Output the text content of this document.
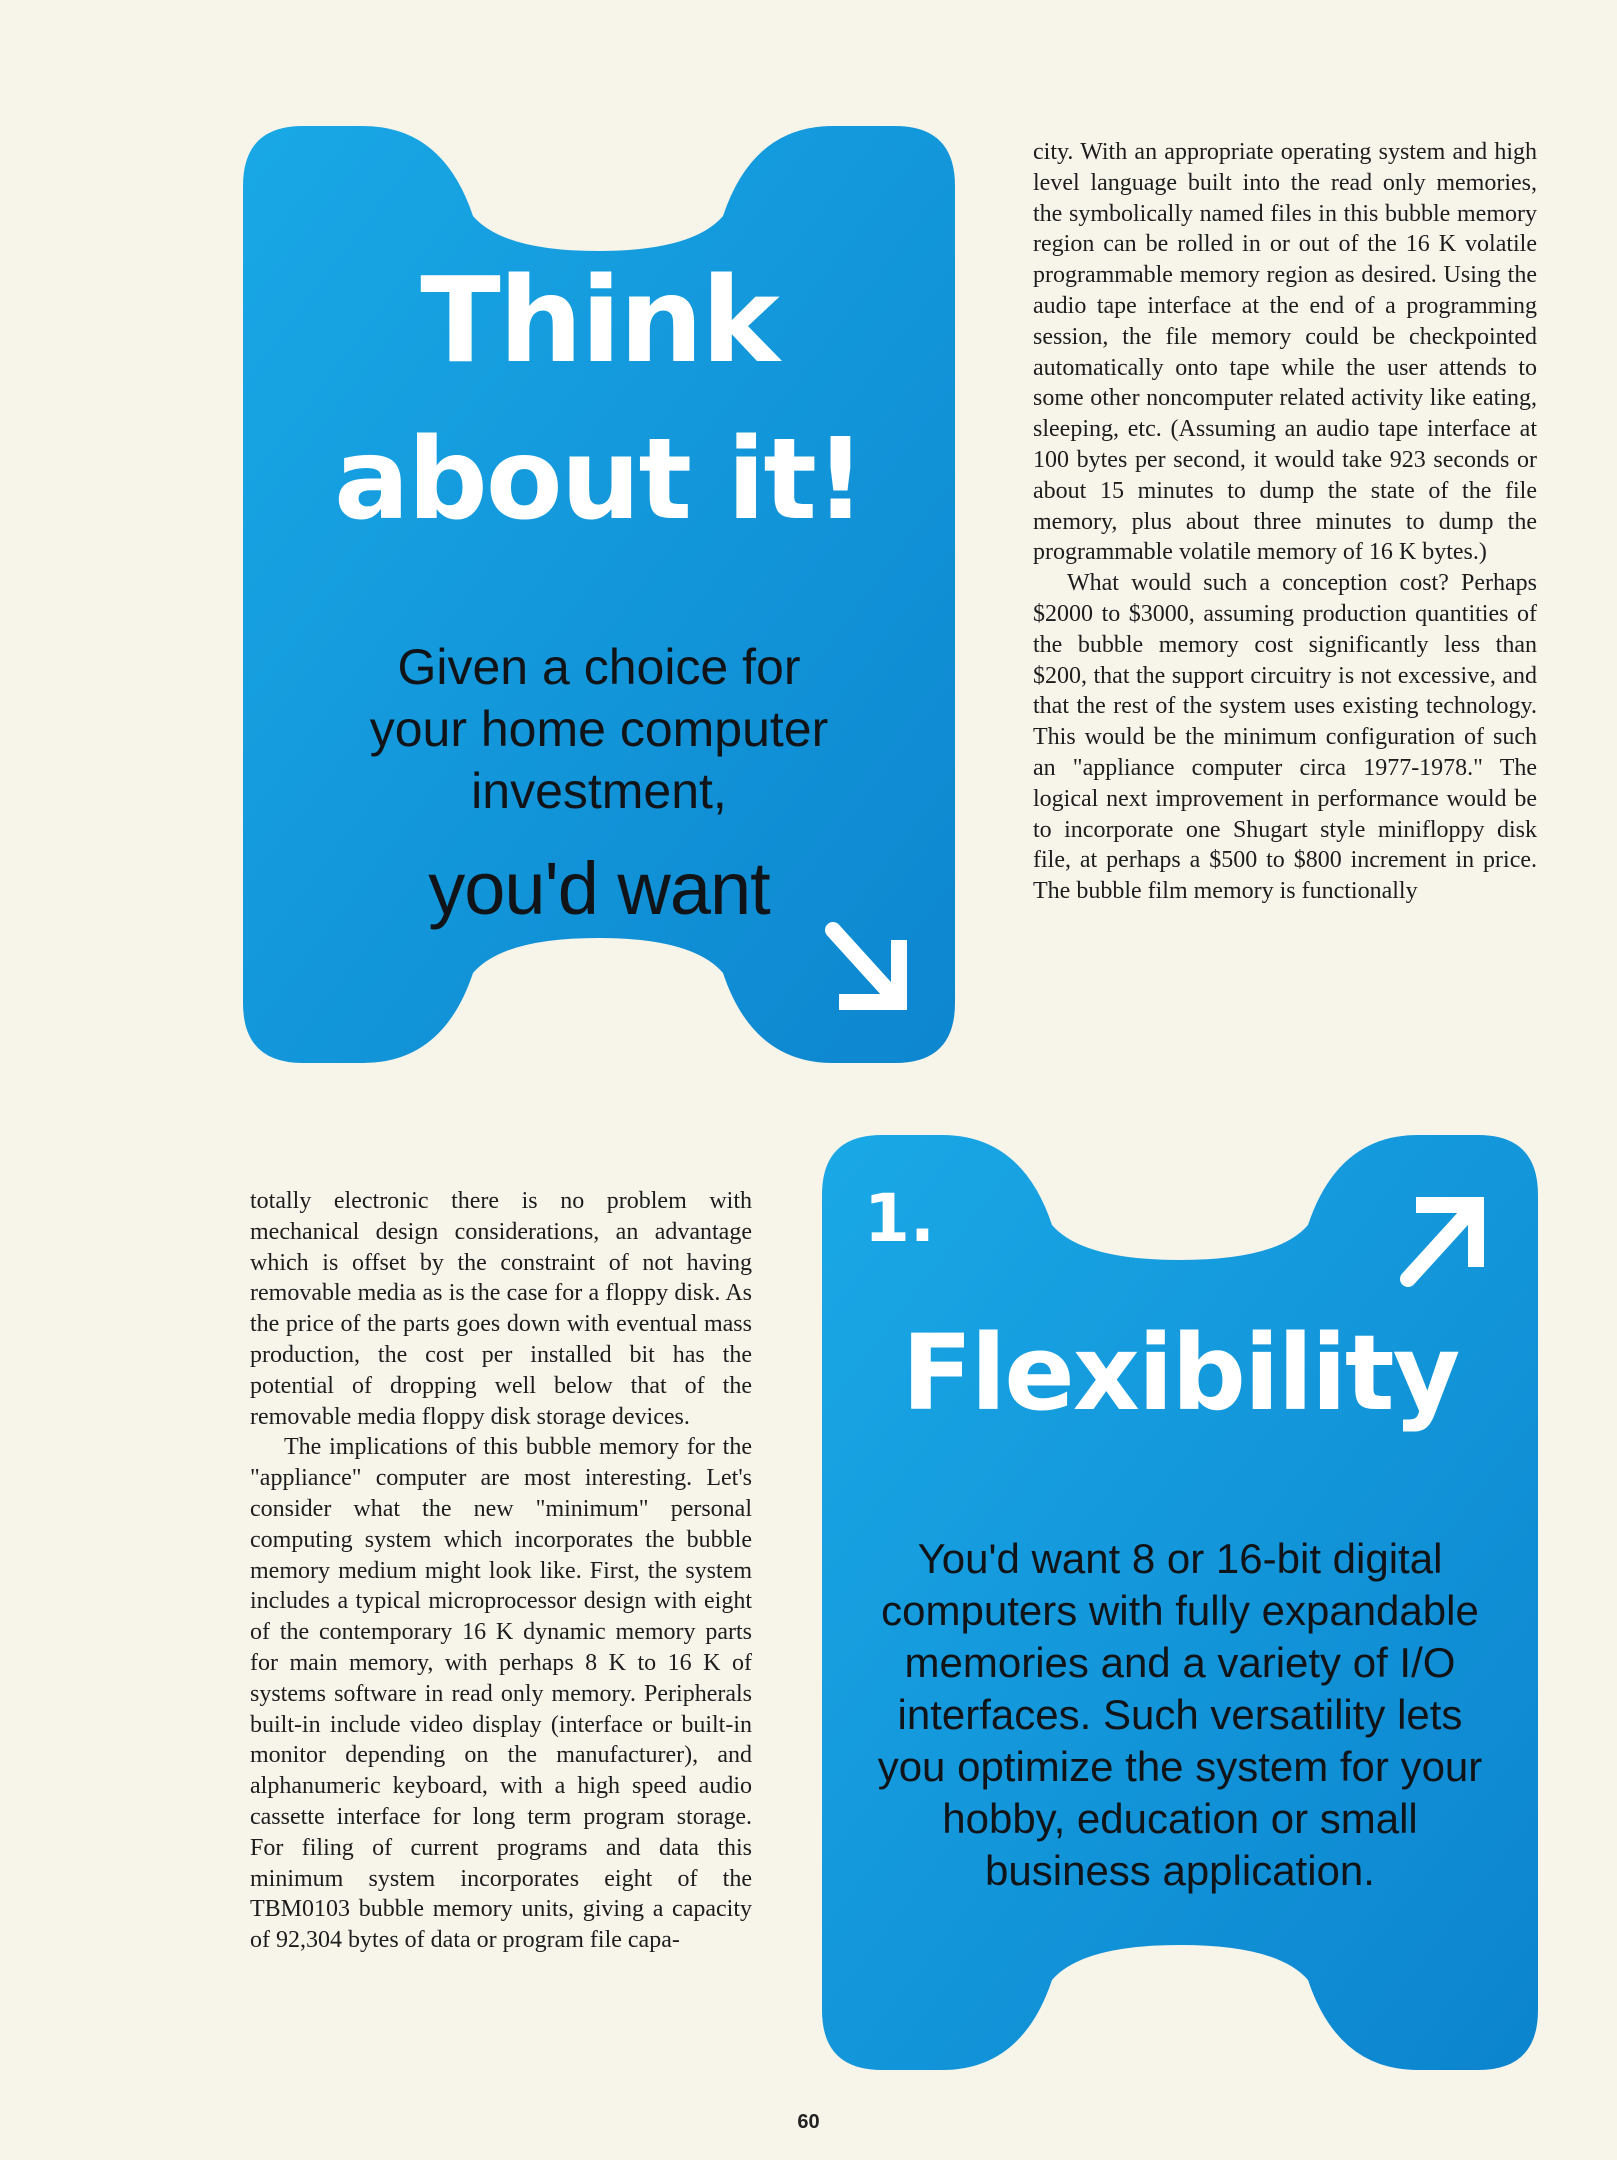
Think
about it!
Given a choice for
your home computer
investment,
you'd want

city. With an appropriate operating system and high level language built into the read only memories, the symbolically named files in this bubble memory region can be rolled in or out of the 16 K volatile programmable memory region as desired. Using the audio tape interface at the end of a programming session, the file memory could be checkpointed automatically onto tape while the user attends to some other noncomputer related activity like eating, sleeping, etc. (Assuming an audio tape interface at 100 bytes per second, it would take 923 seconds or about 15 minutes to dump the state of the file memory, plus about three minutes to dump the programmable volatile memory of 16 K bytes.)

What would such a conception cost? Perhaps $2000 to $3000, assuming production quantities of the bubble memory cost significantly less than $200, that the support circuitry is not excessive, and that the rest of the system uses existing technology. This would be the minimum configuration of such an "appliance computer circa 1977-1978." The logical next improvement in performance would be to incorporate one Shugart style minifloppy disk file, at perhaps a $500 to $800 increment in price. The bubble film memory is functionally

totally electronic there is no problem with mechanical design considerations, an advantage which is offset by the constraint of not having removable media as is the case for a floppy disk. As the price of the parts goes down with eventual mass production, the cost per installed bit has the potential of dropping well below that of the removable media floppy disk storage devices.

The implications of this bubble memory for the "appliance" computer are most interesting. Let's consider what the new "minimum" personal computing system which incorporates the bubble memory medium might look like. First, the system includes a typical microprocessor design with eight of the contemporary 16 K dynamic memory parts for main memory, with perhaps 8 K to 16 K of systems software in read only memory. Peripherals built-in include video display (interface or built-in monitor depending on the manufacturer), and alphanumeric keyboard, with a high speed audio cassette interface for long term program storage. For filing of current programs and data this minimum system incorporates eight of the TBM0103 bubble memory units, giving a capacity of 92,304 bytes of data or program file capa-

1.
Flexibility
You'd want 8 or 16-bit digital
computers with fully expandable
memories and a variety of I/O
interfaces. Such versatility lets
you optimize the system for your
hobby, education or small
business application.
60
